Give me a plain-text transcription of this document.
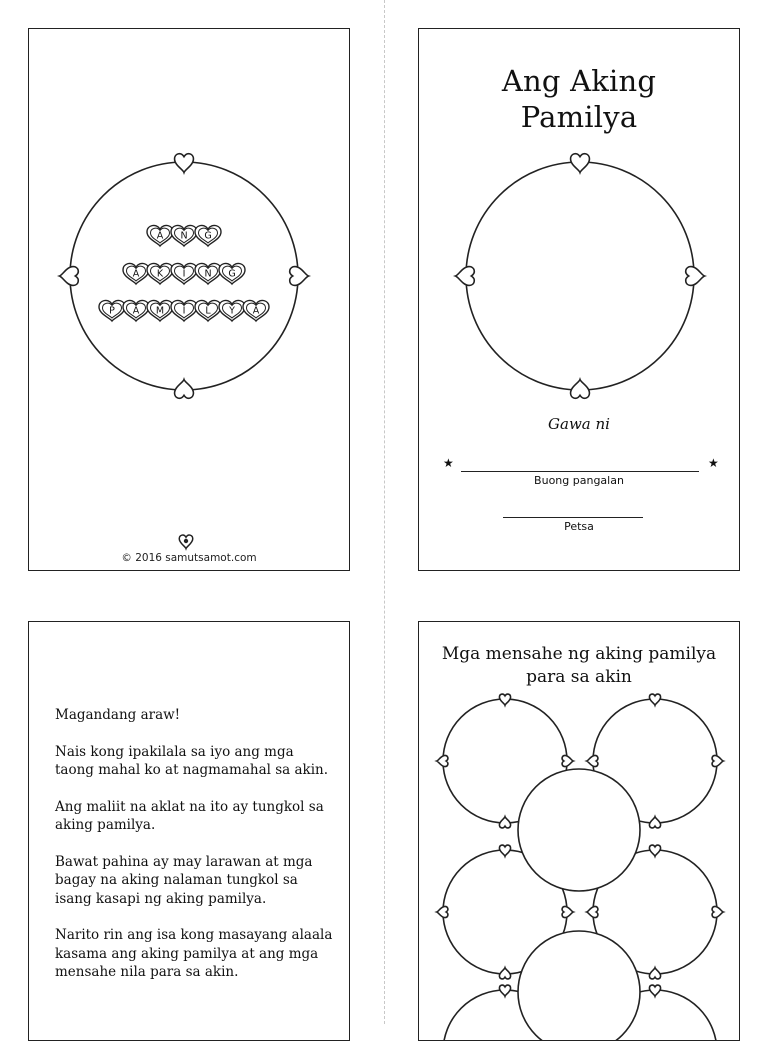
A N G
A K I N G
P A M I L Y A
© 2016 samutsamot.com
Ang Aking
Pamilya
Gawa ni
★	★
Buong pangalan
Petsa

Magandang araw!

Nais kong ipakilala sa iyo ang mga taong mahal ko at nagmamahal sa akin.

Ang maliit na aklat na ito ay tungkol sa aking pamilya.

Bawat pahina ay may larawan at mga bagay na aking nalaman tungkol sa isang kasapi ng aking pamilya.

Narito rin ang isa kong masayang alaala kasama ang aking pamilya at ang mga mensahe nila para sa akin.

Mga mensahe ng aking pamilya
para sa akin
